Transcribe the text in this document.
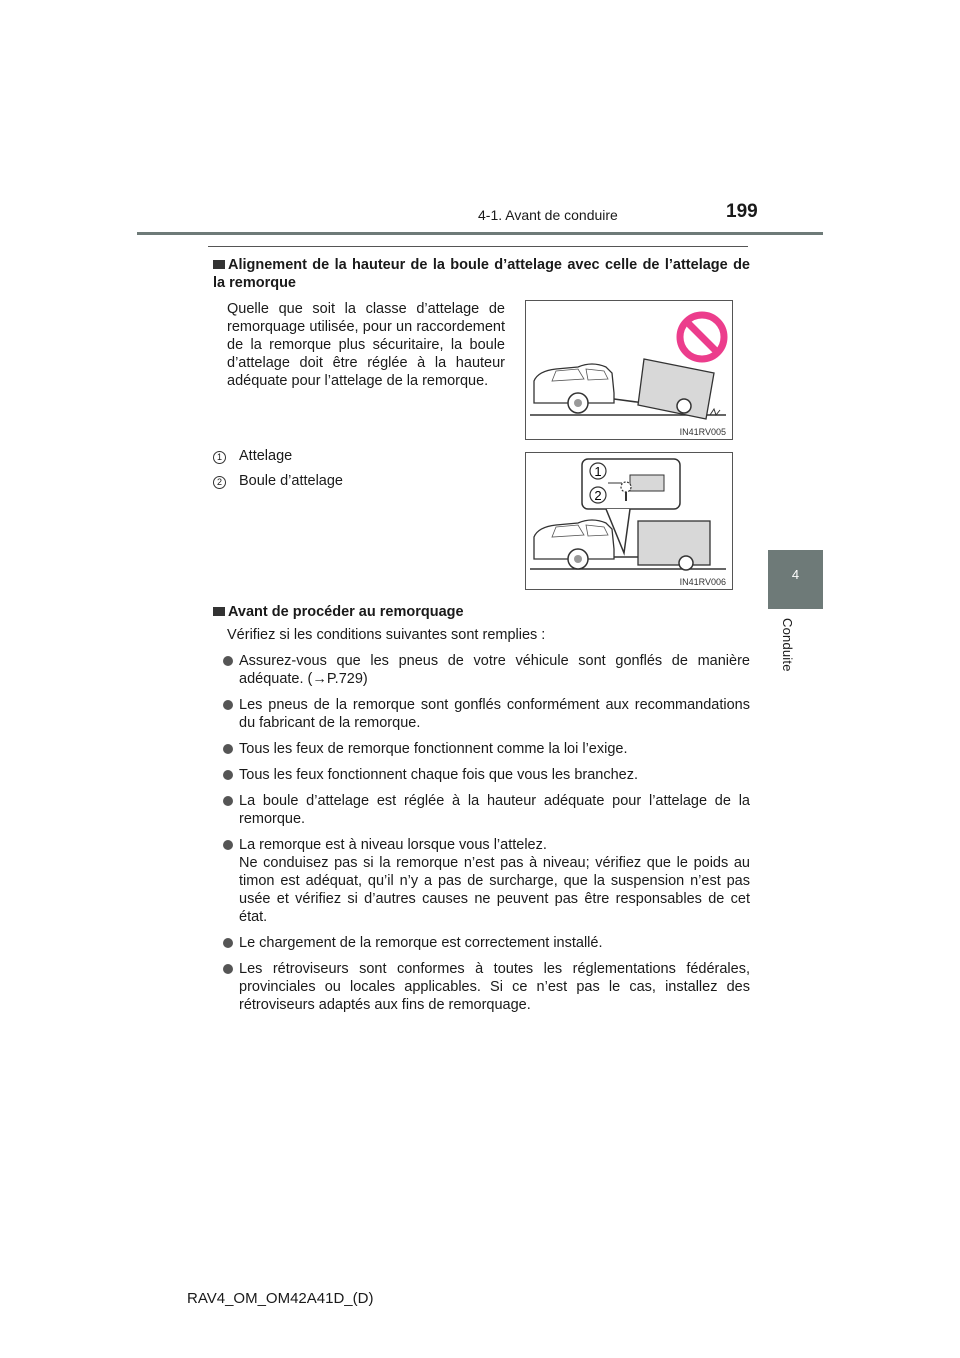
4-1. Avant de conduire	199
4
Conduite
Alignement de la hauteur de la boule d’attelage avec celle de l’attelage de la remorque
Quelle que soit la classe d’attelage de remorquage utilisée, pour un raccordement de la remorque plus sécuritaire, la boule d’attelage doit être réglée à la hauteur adéquate pour l’attelage de la remorque.
IN41RV005
1 Attelage
2 Boule d’attelage
1
2
IN41RV006
Avant de procéder au remorquage
Vérifiez si les conditions suivantes sont remplies :
Assurez-vous que les pneus de votre véhicule sont gonflés de manière adéquate. (→P.729)
Les pneus de la remorque sont gonflés conformément aux recommandations du fabricant de la remorque.
Tous les feux de remorque fonctionnent comme la loi l’exige.
Tous les feux fonctionnent chaque fois que vous les branchez.
La boule d’attelage est réglée à la hauteur adéquate pour l’attelage de la remorque.
La remorque est à niveau lorsque vous l’attelez.
Ne conduisez pas si la remorque n’est pas à niveau; vérifiez que le poids au timon est adéquat, qu’il n’y a pas de surcharge, que la suspension n’est pas usée et vérifiez si d’autres causes ne peuvent pas être responsables de cet état.
Le chargement de la remorque est correctement installé.
Les rétroviseurs sont conformes à toutes les réglementations fédérales, provinciales ou locales applicables. Si ce n’est pas le cas, installez des rétroviseurs adaptés aux fins de remorquage.
RAV4_OM_OM42A41D_(D)
